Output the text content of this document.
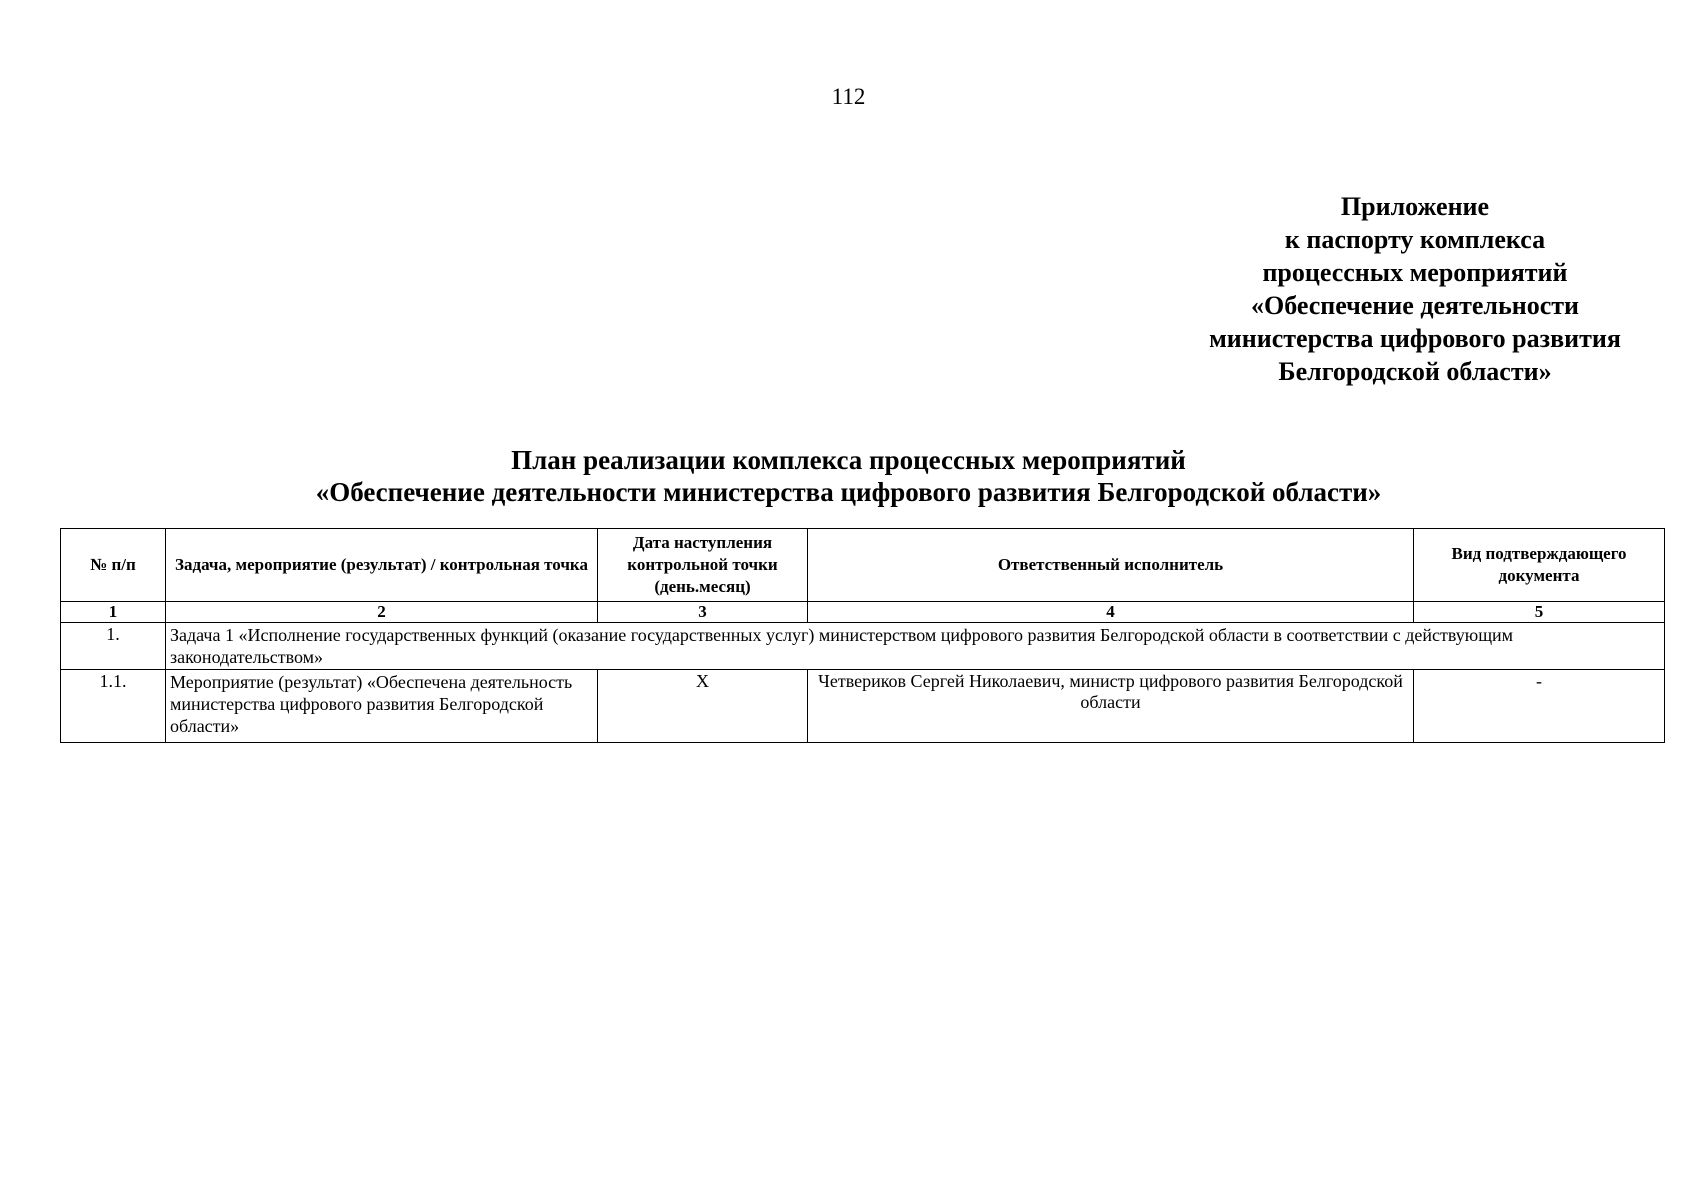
112
Приложение
к паспорту комплекса
процессных мероприятий
«Обеспечение деятельности
министерства цифрового развития
Белгородской области»
План реализации комплекса процессных мероприятий
«Обеспечение деятельности министерства цифрового развития Белгородской области»
№ п/п	Задача, мероприятие (результат) / контрольная точка	Дата наступления контрольной точки (день.месяц)	Ответственный исполнитель	Вид подтверждающего документа
1	2	3	4	5
1.	Задача 1 «Исполнение государственных функций (оказание государственных услуг) министерством цифрового развития Белгородской области в соответствии с действующим законодательством»			
1.1.	Мероприятие (результат) «Обеспечена деятельность министерства цифрового развития Белгородской области»	X	Четвериков Сергей Николаевич, министр цифрового развития Белгородской области	-
